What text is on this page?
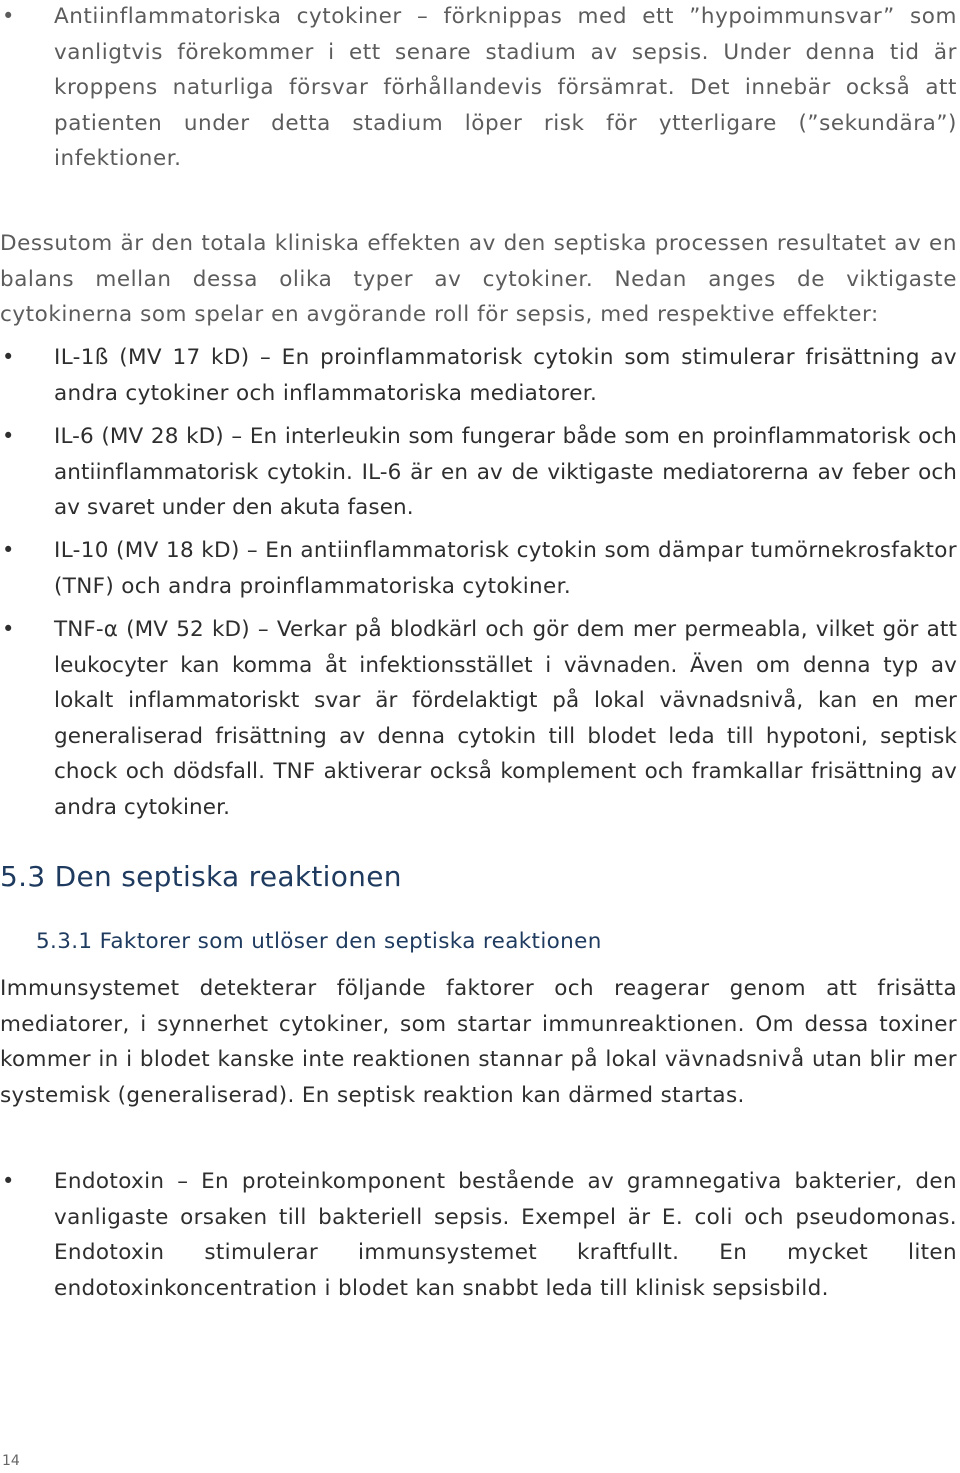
• Antiinflammatoriska cytokiner – förknippas med ett ”hypoimmunsvar” som vanligtvis förekommer i ett senare stadium av sepsis. Under denna tid är kroppens naturliga försvar förhållandevis försämrat. Det innebär också att patienten under detta stadium löper risk för ytterligare (”sekundära”) infektioner.

Dessutom är den totala kliniska effekten av den septiska processen resultatet av en balans mellan dessa olika typer av cytokiner. Nedan anges de viktigaste cytokinerna som spelar en avgörande roll för sepsis, med respektive effekter:

• IL-1ß (MV 17 kD) – En proinflammatorisk cytokin som stimulerar frisättning av andra cytokiner och inflammatoriska mediatorer.

• IL-6 (MV 28 kD) – En interleukin som fungerar både som en proinflammatorisk och antiinflammatorisk cytokin. IL-6 är en av de viktigaste mediatorerna av feber och av svaret under den akuta fasen.

• IL-10 (MV 18 kD) – En antiinflammatorisk cytokin som dämpar tumörnekrosfaktor (TNF) och andra proinflammatoriska cytokiner.

• TNF-α (MV 52 kD) – Verkar på blodkärl och gör dem mer permeabla, vilket gör att leukocyter kan komma åt infektionsstället i vävnaden. Även om denna typ av lokalt inflammatoriskt svar är fördelaktigt på lokal vävnadsnivå, kan en mer generaliserad frisättning av denna cytokin till blodet leda till hypotoni, septisk chock och dödsfall. TNF aktiverar också komplement och framkallar frisättning av andra cytokiner.

5.3 Den septiska reaktionen
5.3.1 Faktorer som utlöser den septiska reaktionen

Immunsystemet detekterar följande faktorer och reagerar genom att frisätta mediatorer, i synnerhet cytokiner, som startar immunreaktionen. Om dessa toxiner kommer in i blodet kanske inte reaktionen stannar på lokal vävnadsnivå utan blir mer systemisk (generaliserad). En septisk reaktion kan därmed startas.

• Endotoxin – En proteinkomponent bestående av gramnegativa bakterier, den vanligaste orsaken till bakteriell sepsis. Exempel är E. coli och pseudomonas. Endotoxin stimulerar immunsystemet kraftfullt. En mycket liten endotoxinkoncentration i blodet kan snabbt leda till klinisk sepsisbild.

14
